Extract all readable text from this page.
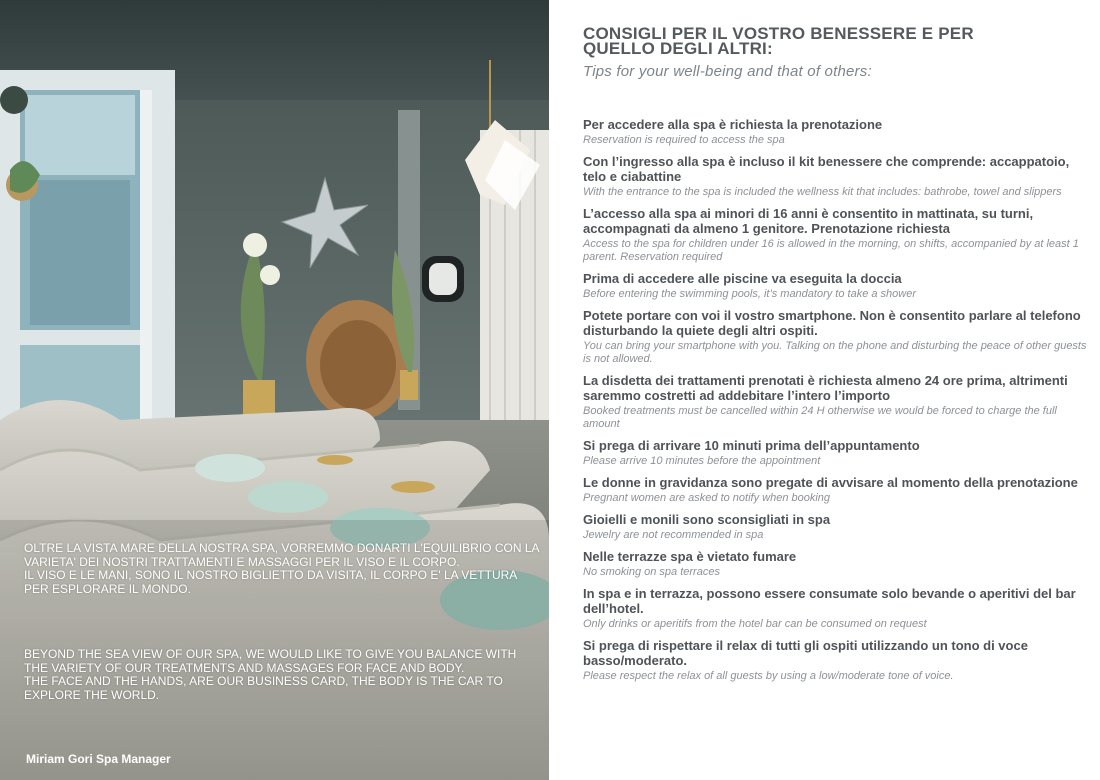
OLTRE LA VISTA MARE DELLA NOSTRA SPA, VORREMMO DONARTI L'EQUILIBRIO CON LA VARIETA' DEI NOSTRI TRATTAMENTI E MASSAGGI PER IL VISO E IL CORPO.

IL VISO E LE MANI, SONO IL NOSTRO BIGLIETTO DA VISITA, IL CORPO E' LA VETTURA PER ESPLORARE IL MONDO.

BEYOND THE SEA VIEW OF OUR SPA, WE WOULD LIKE TO GIVE YOU BALANCE WITH THE VARIETY OF OUR TREATMENTS AND MASSAGES FOR FACE AND BODY.

THE FACE AND THE HANDS, ARE OUR BUSINESS CARD, THE BODY IS THE CAR TO EXPLORE THE WORLD.

Miriam Gori Spa Manager
CONSIGLI PER IL VOSTRO BENESSERE E PER
QUELLO DEGLI ALTRI:
Tips for your well-being and that of others:
Per accedere alla spa è richiesta la prenotazione
Reservation is required to access the spa
Con l’ingresso alla spa è incluso il kit benessere che comprende: accappatoio, telo e ciabattine
With the entrance to the spa is included the wellness kit that includes: bathrobe, towel and slippers
L’accesso alla spa ai minori di 16 anni è consentito in mattinata, su turni, accompagnati da almeno 1 genitore. Prenotazione richiesta
Access to the spa for children under 16 is allowed in the morning, on shifts, accompanied by at least 1 parent. Reservation required
Prima di accedere alle piscine va eseguita la doccia
Before entering the swimming pools, it’s mandatory to take a shower
Potete portare con voi il vostro smartphone. Non è consentito parlare al telefono disturbando la quiete degli altri ospiti.
You can bring your smartphone with you. Talking on the phone and disturbing the peace of other guests is not allowed.
La disdetta dei trattamenti prenotati è richiesta almeno 24 ore prima, altrimenti saremmo costretti ad addebitare l’intero l’importo
Booked treatments must be cancelled within 24 H otherwise we would be forced to charge the full amount
Si prega di arrivare 10 minuti prima dell’appuntamento
Please arrive 10 minutes before the appointment
Le donne in gravidanza sono pregate di avvisare al momento della prenotazione
Pregnant women are asked to notify when booking
Gioielli e monili sono sconsigliati in spa
Jewelry are not recommended in spa
Nelle terrazze spa è vietato fumare
No smoking on spa terraces
In spa e in terrazza, possono essere consumate solo bevande o aperitivi del bar dell’hotel.
Only drinks or aperitifs from the hotel bar can be consumed on request
Si prega di rispettare il relax di tutti gli ospiti utilizzando un tono di voce basso/moderato.
Please respect the relax of all guests by using a low/moderate tone of voice.
